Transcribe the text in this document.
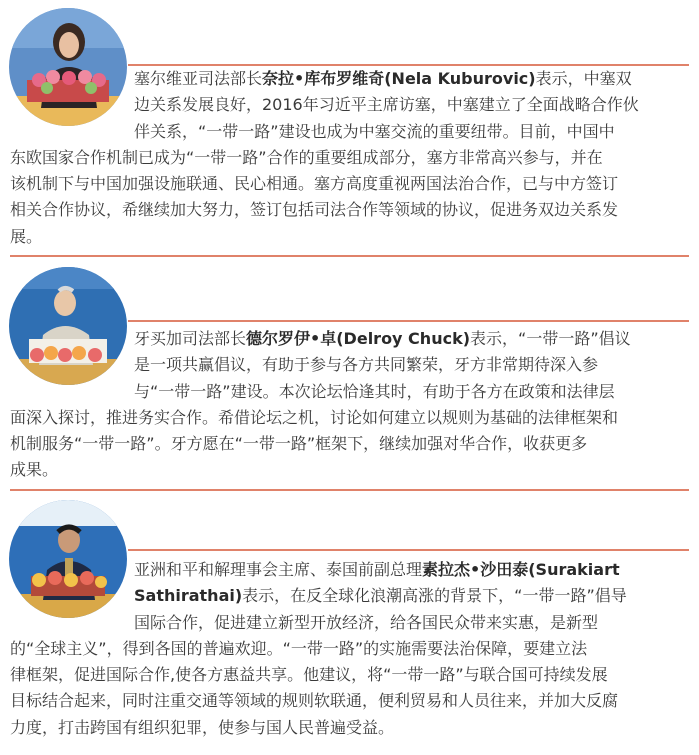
塞尔维亚司法部长奈拉•库布罗维奇(Nela Kuburovic)表示，中塞双
边关系发展良好，2016年习近平主席访塞，中塞建立了全面战略合作伙
伴关系，“一带一路”建设也成为中塞交流的重要纽带。目前，中国中
东欧国家合作机制已成为“一带一路”合作的重要组成部分，塞方非常高兴参与，并在
该机制下与中国加强设施联通、民心相通。塞方高度重视两国法治合作，已与中方签订
相关合作协议，希继续加大努力，签订包括司法合作等领域的协议，促进务双边关系发
展。
牙买加司法部长德尔罗伊•卓(Delroy Chuck)表示，“一带一路”倡议
是一项共赢倡议，有助于参与各方共同繁荣，牙方非常期待深入参
与“一带一路”建设。本次论坛恰逢其时，有助于各方在政策和法律层
面深入探讨，推进务实合作。希借论坛之机，讨论如何建立以规则为基础的法律框架和
机制服务“一带一路”。牙方愿在“一带一路”框架下，继续加强对华合作，收获更多
成果。
亚洲和平和解理事会主席、泰国前副总理素拉杰•沙田泰(Surakiart
Sathirathai)表示，在反全球化浪潮高涨的背景下，“一带一路”倡导
国际合作，促进建立新型开放经济，给各国民众带来实惠，是新型
的“全球主义”，得到各国的普遍欢迎。“一带一路”的实施需要法治保障，要建立法
律框架，促进国际合作,使各方惠益共享。他建议，将“一带一路”与联合国可持续发展
目标结合起来，同时注重交通等领域的规则软联通，便利贸易和人员往来，并加大反腐
力度，打击跨国有组织犯罪，使参与国人民普遍受益。
